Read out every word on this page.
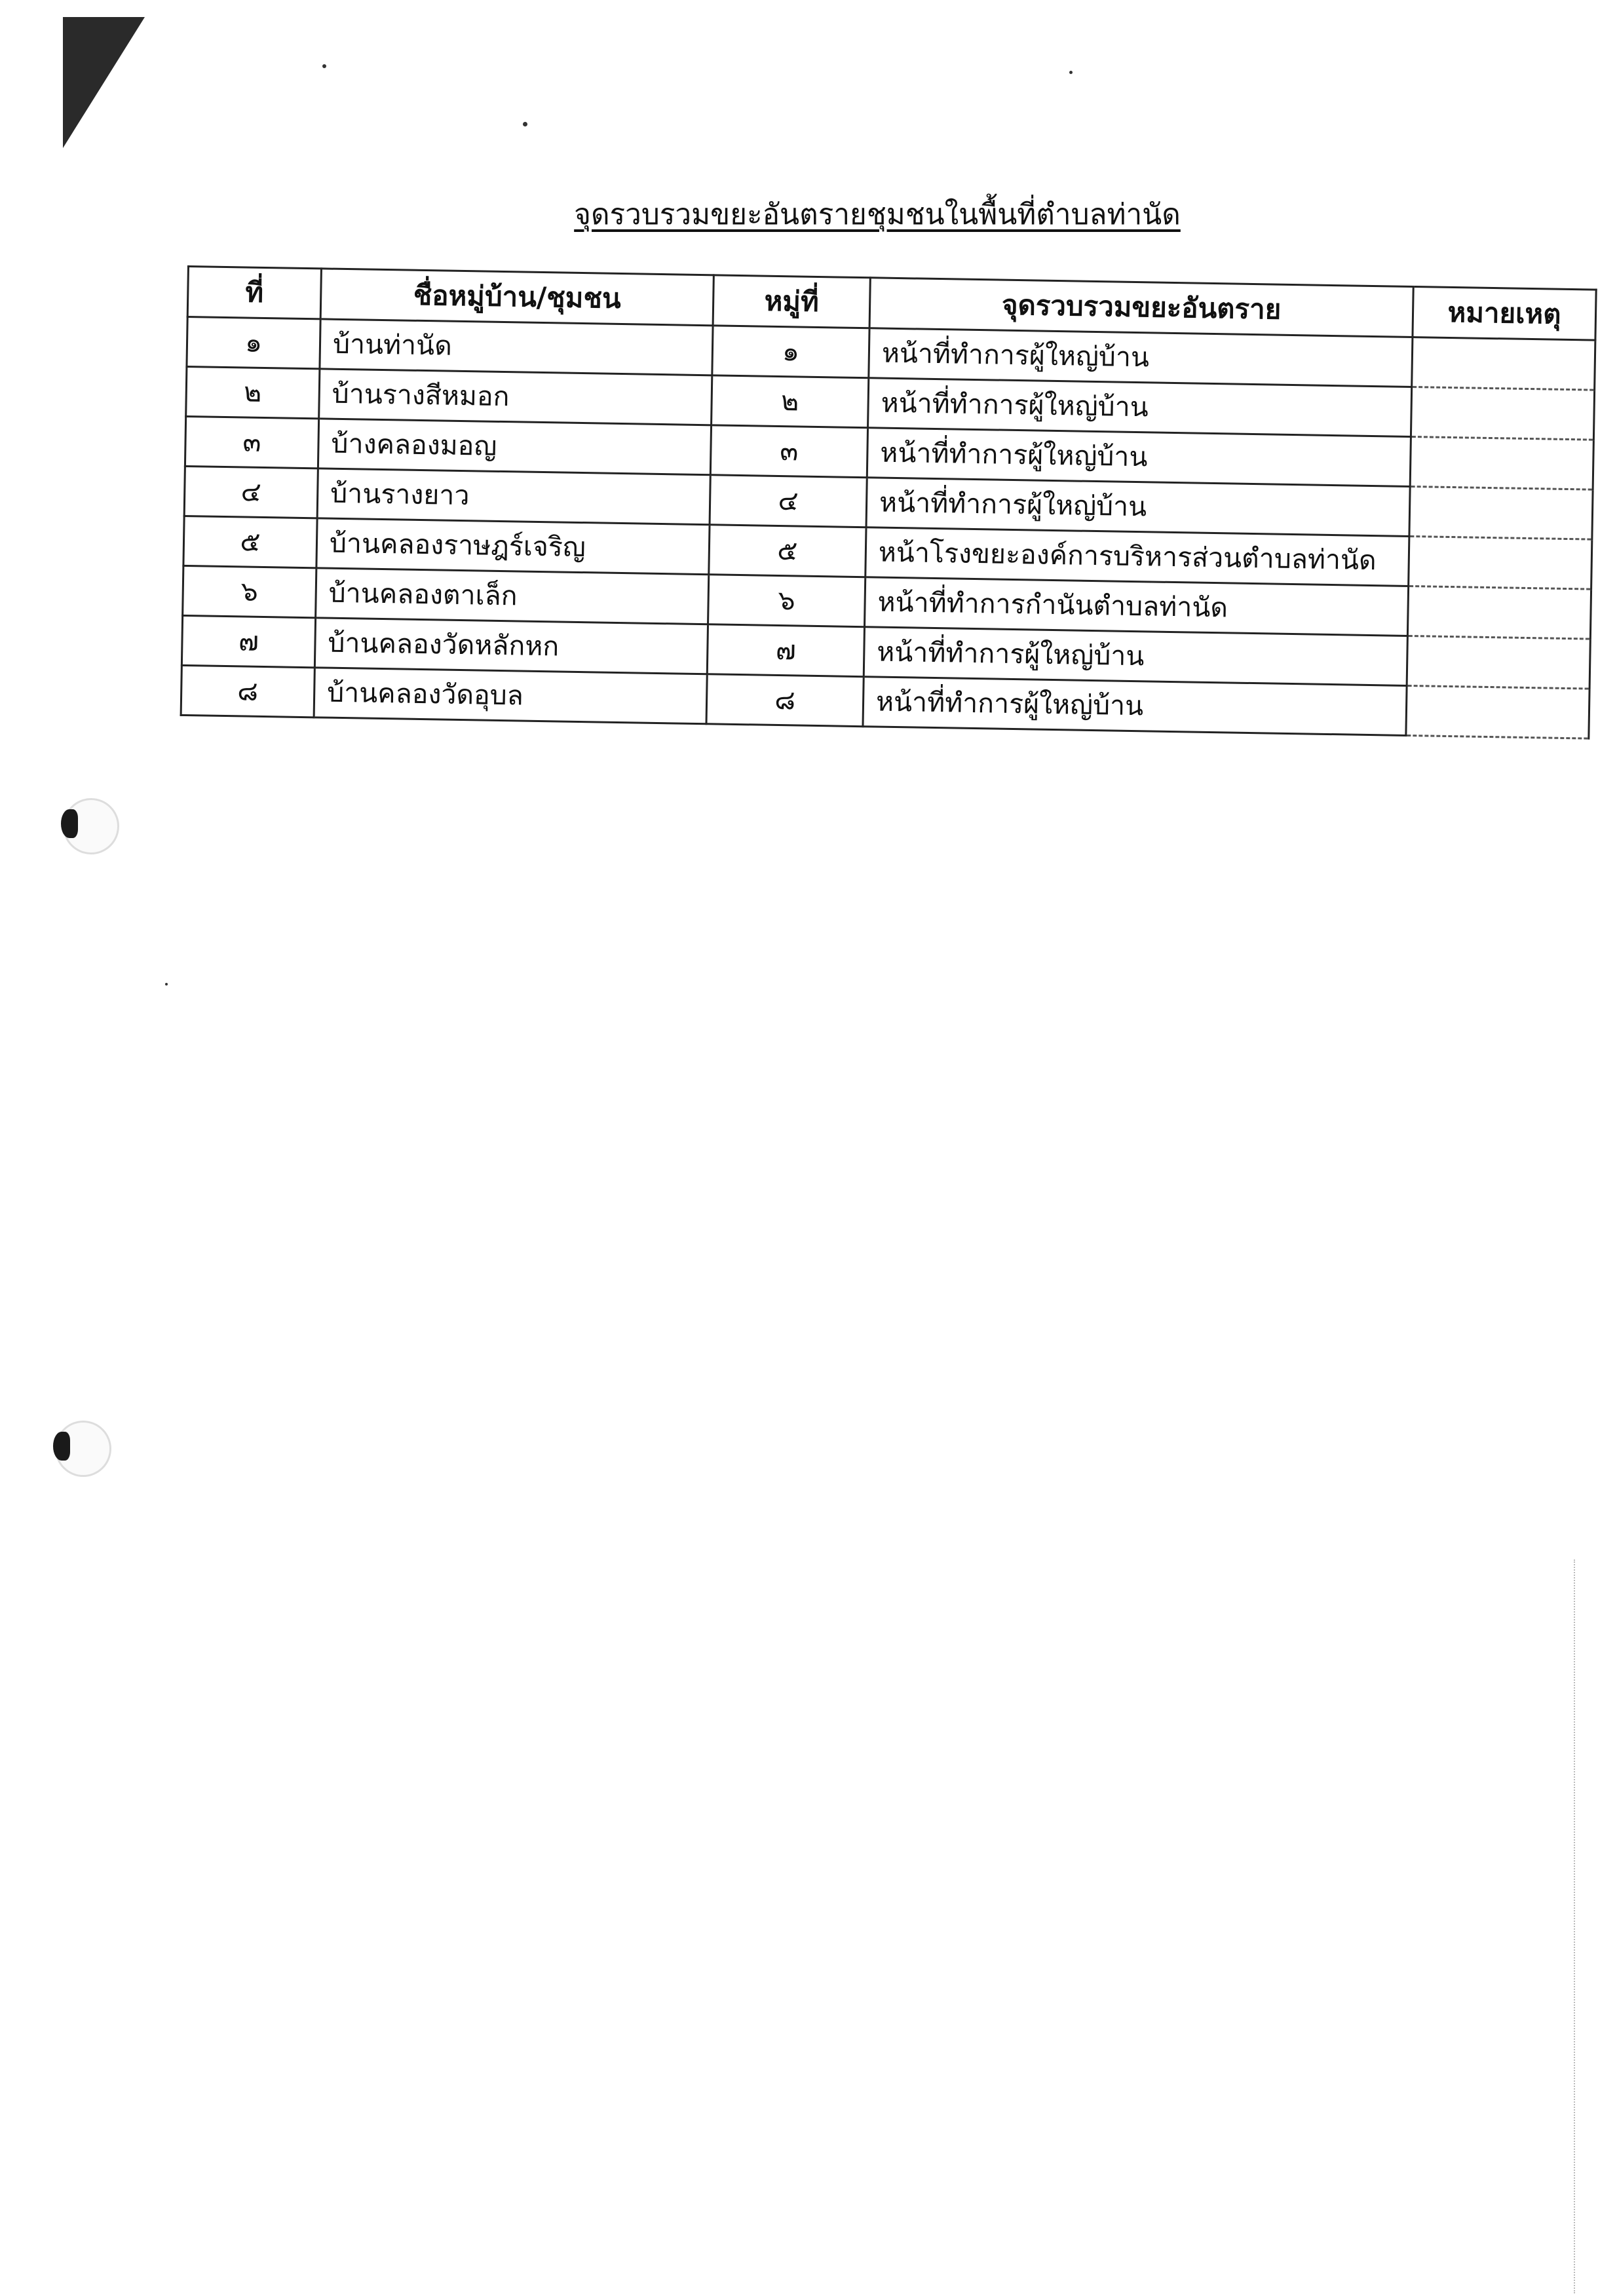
จุดรวบรวมขยะอันตรายชุมชนในพื้นที่ตำบลท่านัด
ที่	ชื่อหมู่บ้าน/ชุมชน	หมู่ที่	จุดรวบรวมขยะอันตราย	หมายเหตุ
๑	บ้านท่านัด	๑	หน้าที่ทำการผู้ใหญ่บ้าน	
๒	บ้านรางสีหมอก	๒	หน้าที่ทำการผู้ใหญ่บ้าน	
๓	บ้างคลองมอญ	๓	หน้าที่ทำการผู้ใหญ่บ้าน	
๔	บ้านรางยาว	๔	หน้าที่ทำการผู้ใหญ่บ้าน	
๕	บ้านคลองราษฎร์เจริญ	๕	หน้าโรงขยะองค์การบริหารส่วนตำบลท่านัด	
๖	บ้านคลองตาเล็ก	๖	หน้าที่ทำการกำนันตำบลท่านัด	
๗	บ้านคลองวัดหลักหก	๗	หน้าที่ทำการผู้ใหญ่บ้าน	
๘	บ้านคลองวัดอุบล	๘	หน้าที่ทำการผู้ใหญ่บ้าน	
